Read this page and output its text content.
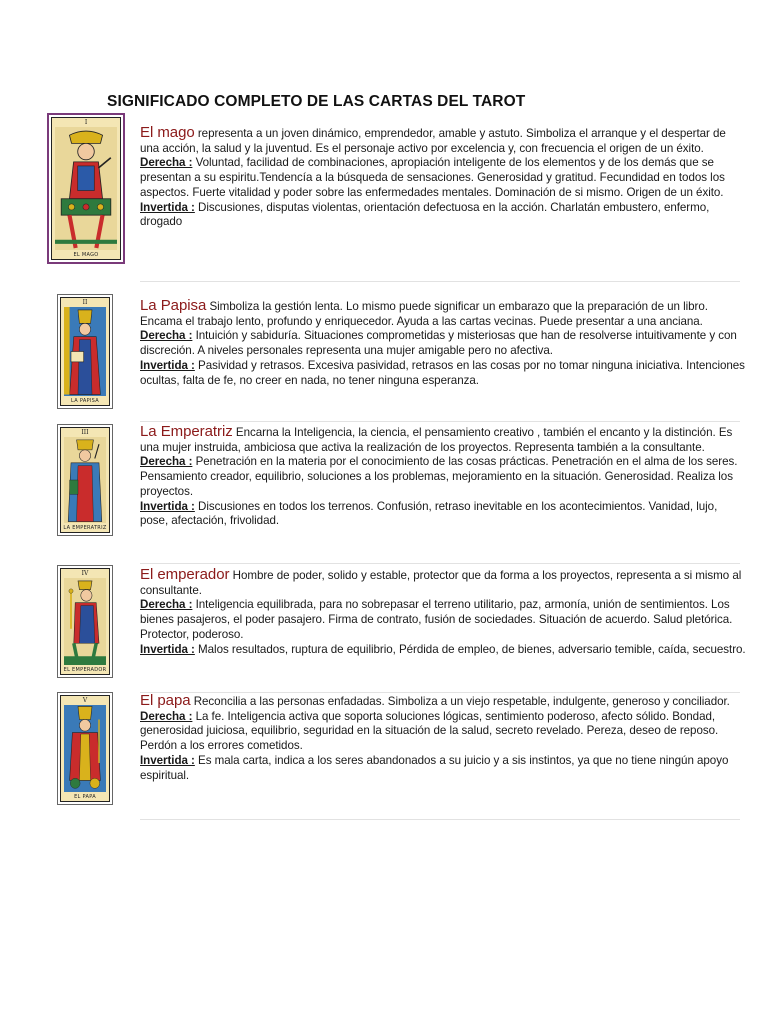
SIGNIFICADO COMPLETO DE LAS CARTAS DEL TAROT
I
EL MAGO
El mago representa a un joven dinámico, emprendedor, amable y astuto. Simboliza el arranque y el despertar de una acción, la salud y la juventud. Es el personaje activo por excelencia y, con frecuencia el origen de un éxito.
Derecha : Voluntad, facilidad de combinaciones, apropiación inteligente de los elementos y de los demás que se presentan a su espiritu.Tendencía a la búsqueda de sensaciones. Generosidad y gratitud. Fecundidad en todos los aspectos. Fuerte vitalidad y poder sobre las enfermedades mentales. Dominación de si mismo. Origen de un éxito.
Invertida : Discusiones, disputas violentas, orientación defectuosa en la acción. Charlatán embustero, enfermo, drogado
II
LA PAPISA
La Papisa Simboliza la gestión lenta. Lo mismo puede significar un embarazo que la preparación de un libro. Encama el trabajo lento, profundo y enriquecedor. Ayuda a las cartas vecinas. Puede presentar a una anciana.
Derecha : Intuición y sabiduría. Situaciones comprometidas y misteriosas que han de resolverse intuitivamente y con discreción. A niveles personales representa una mujer amigable pero no afectiva.
Invertida : Pasividad y retrasos. Excesiva pasividad, retrasos en las cosas por no tomar ninguna iniciativa. Intenciones ocultas, falta de fe, no creer en nada, no tener ninguna esperanza.
III
LA EMPERATRIZ
La Emperatriz Encarna la Inteligencia, la ciencia, el pensamiento creativo , también el encanto y la distinción. Es una mujer instruida, ambiciosa que activa la realización de los proyectos. Representa también a la consultante.
Derecha : Penetración en la materia por el conocimiento de las cosas prácticas. Penetración en el alma de los seres. Pensamiento creador, equilibrio, soluciones a los problemas, mejoramiento en la situación. Generosidad. Realiza los proyectos.
Invertida : Discusiones en todos los terrenos. Confusión, retraso inevitable en los acontecimientos. Vanidad, lujo, pose, afectación, frivolidad.
IV
EL EMPERADOR
El emperador Hombre de poder, solido y estable, protector que da forma a los proyectos, representa a si mismo al consultante.
Derecha : Inteligencia equilibrada, para no sobrepasar el terreno utilitario, paz, armonía, unión de sentimientos. Los bienes pasajeros, el poder pasajero. Firma de contrato, fusión de sociedades. Situación de acuerdo. Salud pletórica. Protector, poderoso.
Invertida : Malos resultados, ruptura de equilibrio, Pérdida de empleo, de bienes, adversario temible, caída, secuestro.
V
EL PAPA
El papa Reconcilia a las personas enfadadas. Simboliza a un viejo respetable, indulgente, generoso y conciliador.
Derecha : La fe. Inteligencia activa que soporta soluciones lógicas, sentimiento poderoso, afecto sólido. Bondad, generosidad juiciosa, equilibrio, seguridad en la situación de la salud, secreto revelado. Pereza, deseo de reposo. Perdón a los errores cometidos.
Invertida : Es mala carta, indica a los seres abandonados a su juicio y a sis instintos, ya que no tiene ningún apoyo espiritual.
